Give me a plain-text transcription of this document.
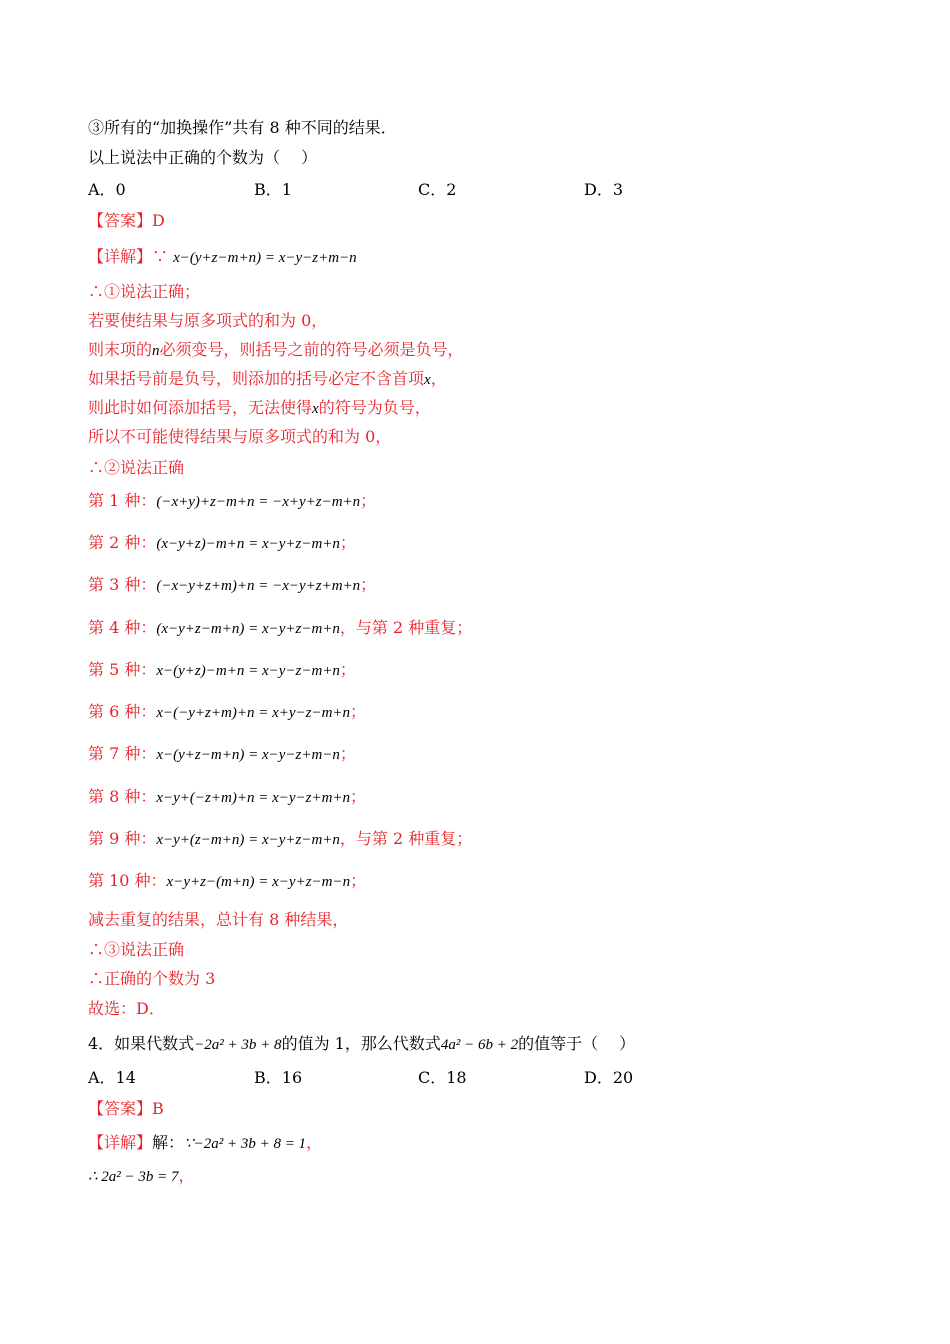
③所有的“加换操作”共有 8 种不同的结果．
以上说法中正确的个数为（　 ）
A．0	B．1	C．2	D．3
【答案】D
【详解】∵ x−(y+z−m+n) = x−y−z+m−n
∴①说法正确；
若要使结果与原多项式的和为 0，
则末项的n必须变号，则括号之前的符号必须是负号，
如果括号前是负号，则添加的括号必定不含首项x，
则此时如何添加括号，无法使得x的符号为负号，
所以不可能使得结果与原多项式的和为 0，
∴②说法正确
第 1 种：(−x+y)+z−m+n = −x+y+z−m+n；
第 2 种：(x−y+z)−m+n = x−y+z−m+n；
第 3 种：(−x−y+z+m)+n = −x−y+z+m+n；
第 4 种：(x−y+z−m+n) = x−y+z−m+n，与第 2 种重复；
第 5 种：x−(y+z)−m+n = x−y−z−m+n；
第 6 种：x−(−y+z+m)+n = x+y−z−m+n；
第 7 种：x−(y+z−m+n) = x−y−z+m−n；
第 8 种：x−y+(−z+m)+n = x−y−z+m+n；
第 9 种：x−y+(z−m+n) = x−y+z−m+n，与第 2 种重复；
第 10 种：x−y+z−(m+n) = x−y+z−m−n；
减去重复的结果，总计有 8 种结果，
∴③说法正确
∴正确的个数为 3
故选：D．
4．如果代数式−2a² + 3b + 8的值为 1，那么代数式4a² − 6b + 2的值等于（　 ）
A．14	B．16	C．18	D．20
【答案】B
【详解】解：∵−2a² + 3b + 8 = 1，
∴ 2a² − 3b = 7，
